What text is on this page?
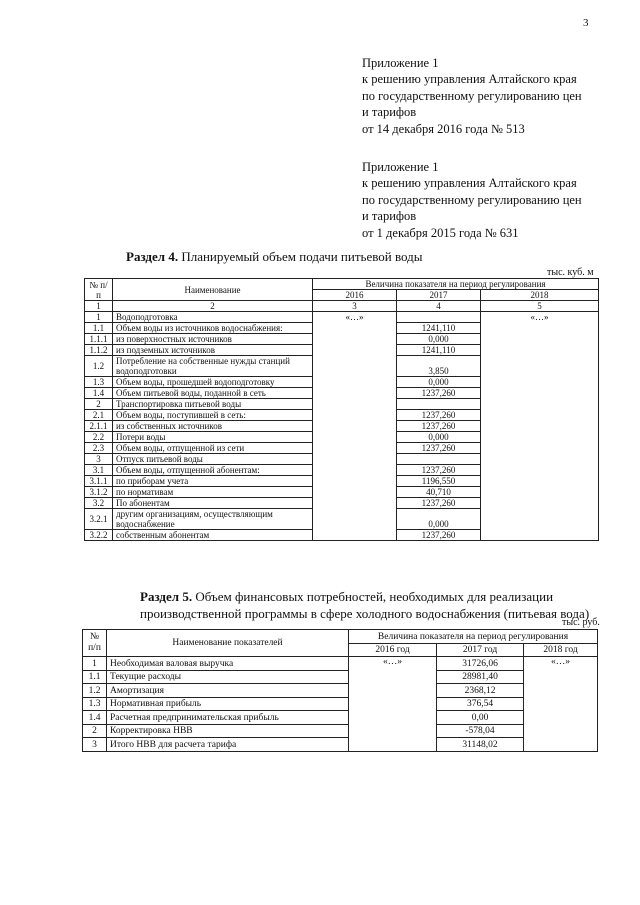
3
Приложение 1
к решению управления Алтайского края
по государственному регулированию цен
и тарифов
от 14 декабря 2016 года № 513
Приложение 1
к решению управления Алтайского края
по государственному регулированию цен
и тарифов
от 1 декабря 2015 года № 631
Раздел 4. Планируемый объем подачи питьевой воды
тыс. куб. м
№ п/п	Наименование	Величина показателя на период регулирования		
		2016	2017	2018
1	2	3	4	5
1	Водоподготовка	«…»		«…»
1.1	Объем воды из источников водоснабжения:		1241,110	
1.1.1	из поверхностных источников		0,000	
1.1.2	из подземных источников		1241,110	
1.2	Потребление на собственные нужды станций водоподготовки		3,850	
1.3	Объем воды, прошедшей водоподготовку		0,000	
1.4	Объем питьевой воды, поданной в сеть		1237,260	
2	Транспортировка питьевой воды			
2.1	Объем воды, поступившей в сеть:		1237,260	
2.1.1	из собственных источников		1237,260	
2.2	Потери воды		0,000	
2.3	Объем воды, отпущенной из сети		1237,260	
3	Отпуск питьевой воды			
3.1	Объем воды, отпущенной абонентам:		1237,260	
3.1.1	по приборам учета		1196,550	
3.1.2	по нормативам		40,710	
3.2	По абонентам		1237,260	
3.2.1	другим организациям, осуществляющим водоснабжение		0,000	
3.2.2	собственным абонентам		1237,260	
Раздел 5. Объем финансовых потребностей, необходимых для реализации производственной программы в сфере холодного водоснабжения (питьевая вода)
тыс. руб.
№ п/п	Наименование показателей	Величина показателя на период регулирования		
		2016 год	2017 год	2018 год
1	Необходимая валовая выручка	«…»	31726,06	«…»
1.1	Текущие расходы		28981,40	
1.2	Амортизация		2368,12	
1.3	Нормативная прибыль		376,54	
1.4	Расчетная предпринимательская прибыль		0,00	
2	Корректировка НВВ		-578,04	
3	Итого НВВ для расчета тарифа		31148,02	
